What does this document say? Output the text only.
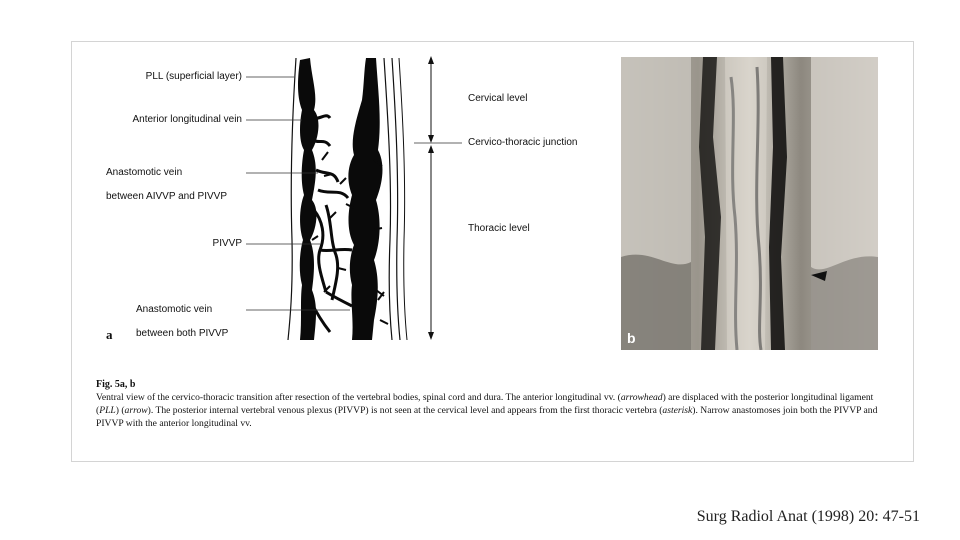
PLL (superficial layer)
Anterior longitudinal vein

Anastomotic vein

between AIVVP and PIVVP

PIVVP

Anastomotic vein

between both PIVVP

a
Cervical level
Cervico-thoracic junction
Thoracic level
b
Fig. 5a, b
Ventral view of the cervico-thoracic transition after resection of the vertebral bodies, spinal cord and dura. The anterior longitudinal vv. (arrowhead) are displaced with the posterior longitudinal ligament (PLL) (arrow). The posterior internal vertebral venous plexus (PIVVP) is not seen at the cervical level and appears from the first thoracic vertebra (asterisk). Narrow anastomoses join both the PIVVP and PIVVP with the anterior longitudinal vv.
Surg Radiol Anat (1998) 20: 47-51
